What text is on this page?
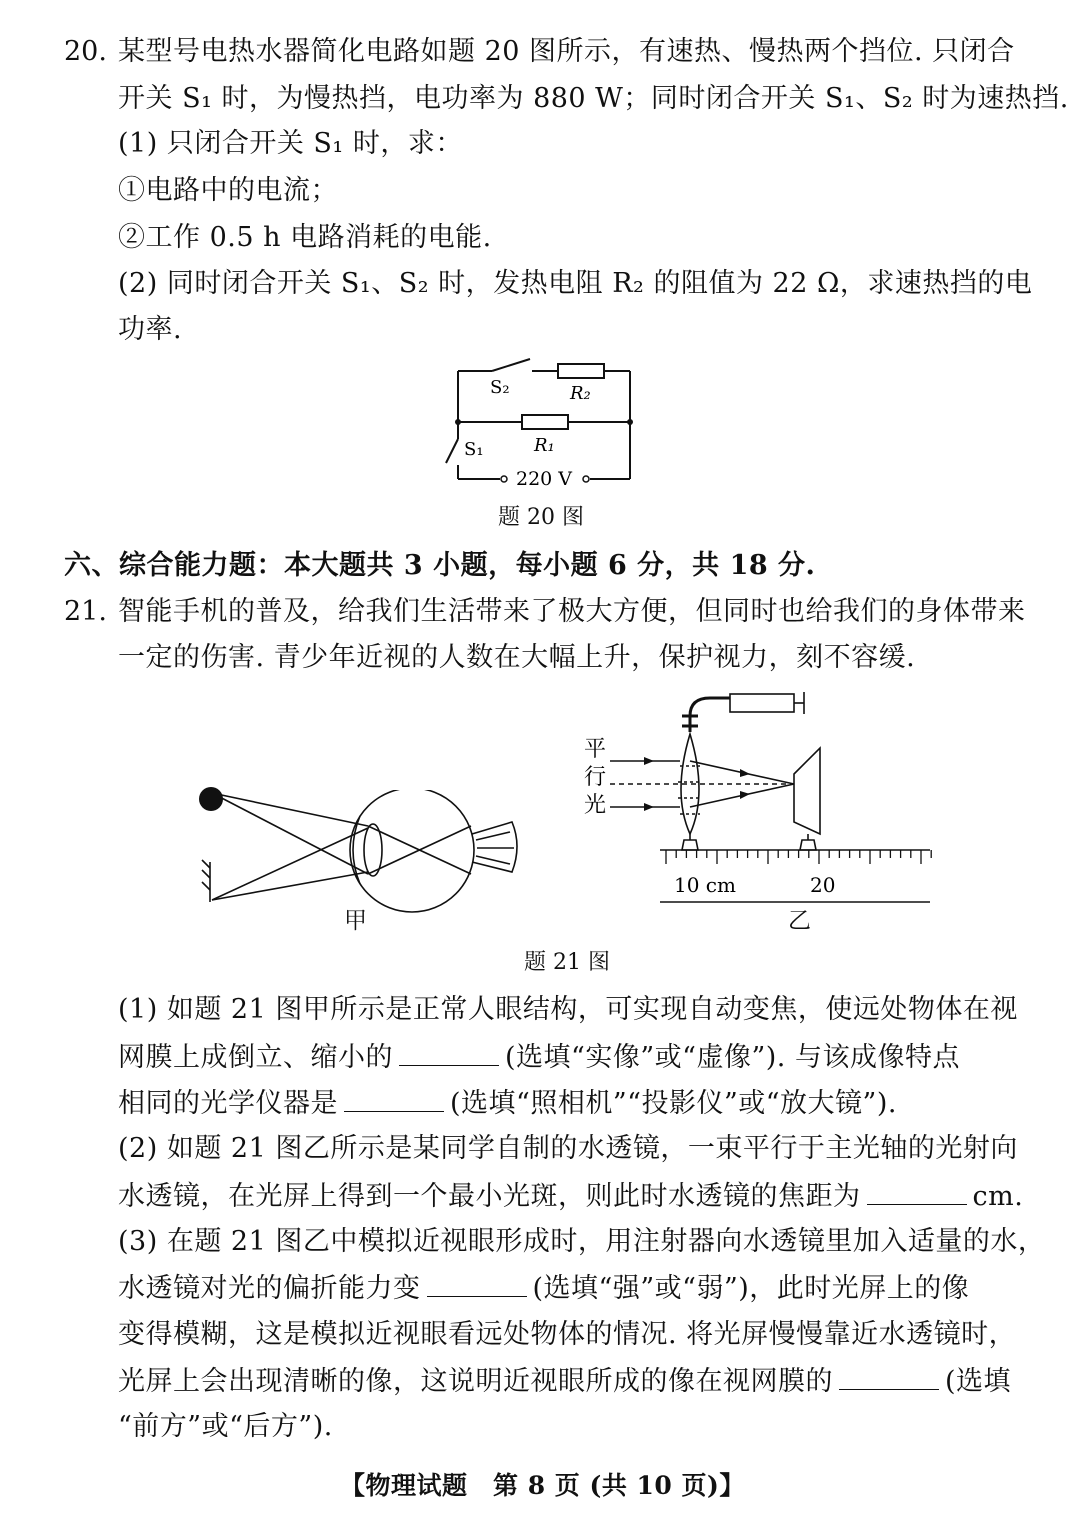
20. 某型号电热水器简化电路如题 20 图所示，有速热、慢热两个挡位. 只闭合
开关 S₁ 时，为慢热挡，电功率为 880 W；同时闭合开关 S₁、S₂ 时为速热挡.
(1) 只闭合开关 S₁ 时，求：
①电路中的电流；
②工作 0.5 h 电路消耗的电能.
(2) 同时闭合开关 S₁、S₂ 时，发热电阻 R₂ 的阻值为 22 Ω，求速热挡的电
功率.
S₂	R₂
S₁	R₁
220 V
题 20 图
六、综合能力题：本大题共 3 小题，每小题 6 分，共 18 分.
21. 智能手机的普及，给我们生活带来了极大方便，但同时也给我们的身体带来
一定的伤害. 青少年近视的人数在大幅上升，保护视力，刻不容缓.
甲
平
行
光
10 cm	20
乙
题 21 图
(1) 如题 21 图甲所示是正常人眼结构，可实现自动变焦，使远处物体在视
网膜上成倒立、缩小的	(选填“实像”或“虚像”). 与该成像特点
相同的光学仪器是	(选填“照相机”“投影仪”或“放大镜”).
(2) 如题 21 图乙所示是某同学自制的水透镜，一束平行于主光轴的光射向
水透镜，在光屏上得到一个最小光斑，则此时水透镜的焦距为	cm.
(3) 在题 21 图乙中模拟近视眼形成时，用注射器向水透镜里加入适量的水，
水透镜对光的偏折能力变	(选填“强”或“弱”)，此时光屏上的像
变得模糊，这是模拟近视眼看远处物体的情况. 将光屏慢慢靠近水透镜时，
光屏上会出现清晰的像，这说明近视眼所成的像在视网膜的	(选填
“前方”或“后方”).
【物理试题　第 8 页 (共 10 页)】
